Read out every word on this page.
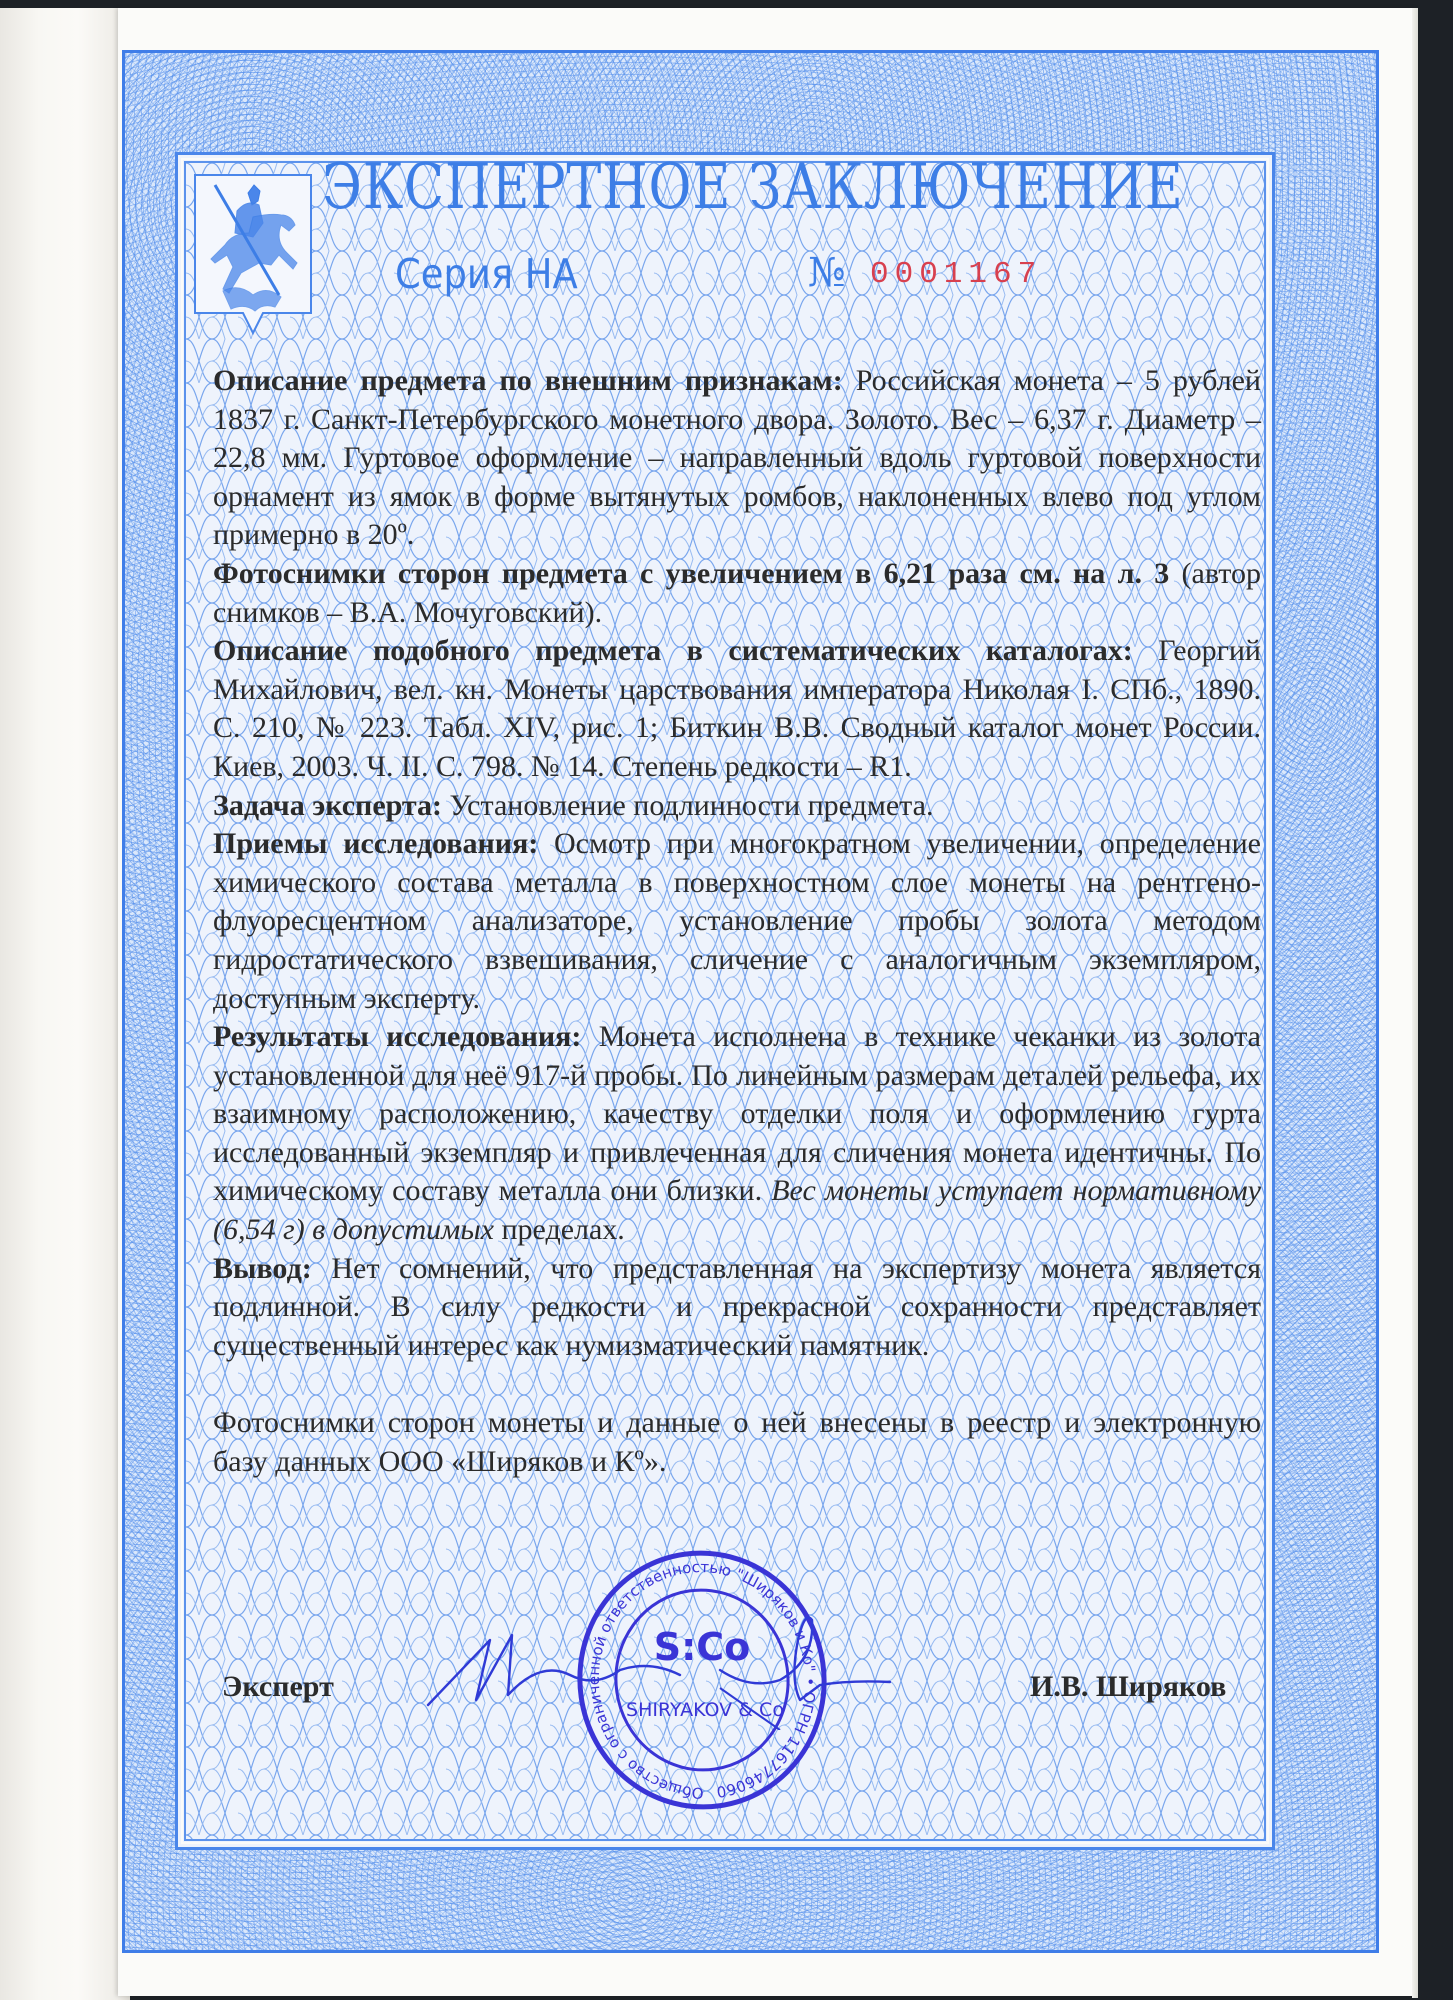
ЭКСПЕРТНОЕ ЗАКЛЮЧЕНИЕ
Серия НА	№ 0001167

Описание предмета по внешним признакам: Российская монета – 5 рублей 1837 г. Санкт-Петербургского монетного двора. Золото. Вес – 6,37 г. Диаметр – 22,8 мм. Гуртовое оформление – направленный вдоль гуртовой поверхности орнамент из ямок в форме вытянутых ромбов, наклоненных влево под углом примерно в 20º.

Фотоснимки сторон предмета с увеличением в 6,21 раза см. на л. 3 (автор снимков – В.А. Мочуговский).

Описание подобного предмета в систематических каталогах: Георгий Михайлович, вел. кн. Монеты царствования императора Николая I. СПб., 1890. С. 210, № 223. Табл. XIV, рис. 1; Биткин В.В. Сводный каталог монет России. Киев, 2003. Ч. II. С. 798. № 14. Степень редкости – R1.

Задача эксперта: Установление подлинности предмета.

Приемы исследования: Осмотр при многократном увеличении, определение химического состава металла в поверхностном слое монеты на рентгено-флуоресцентном анализаторе, установление пробы золота методом гидростатического взвешивания, сличение с аналогичным экземпляром, доступным эксперту.

Результаты исследования: Монета исполнена в технике чеканки из золота установленной для неё 917-й пробы. По линейным размерам деталей рельефа, их взаимному расположению, качеству отделки поля и оформлению гурта исследованный экземпляр и привлеченная для сличения монета идентичны. По химическому составу металла они близки. Вес монеты уступает нормативному (6,54 г) в допустимых пределах.

Вывод: Нет сомнений, что представленная на экспертизу монета является подлинной. В силу редкости и прекрасной сохранности представляет существенный интерес как нумизматический памятник.

Фотоснимки сторон монеты и данные о ней внесены в реестр и электронную базу данных ООО «Ширяков и Кº».

Эксперт	И.В. Ширяков
Общество с ограниченной ответственностью "Ширяков и Ко" • ОГРН 1167746060622
S:Co
SHIRYAKOV & Co
